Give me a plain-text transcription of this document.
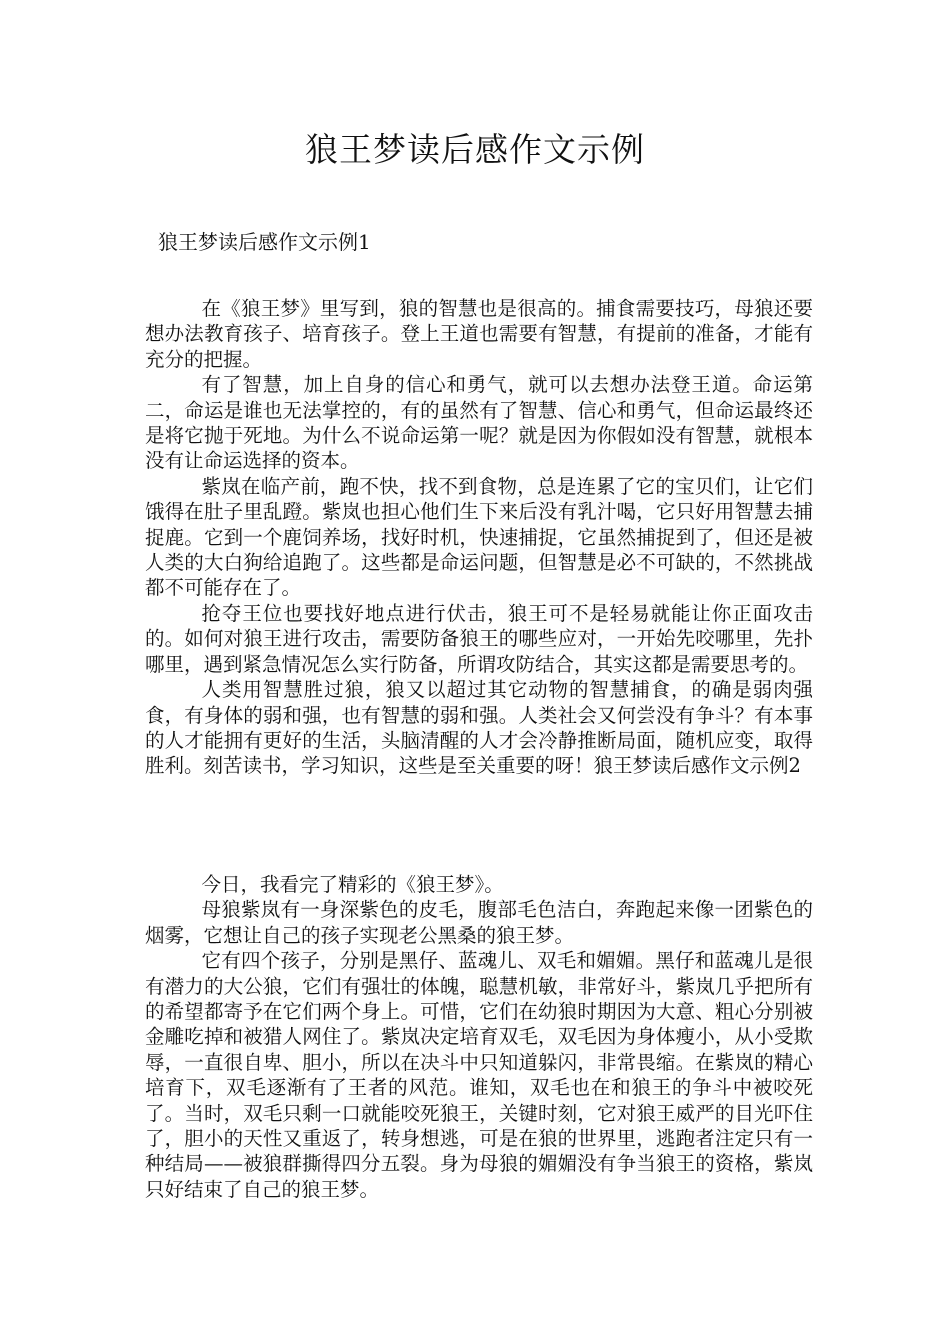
狼王梦读后感作文示例
狼王梦读后感作文示例1

在《狼王梦》里写到，狼的智慧也是很高的。捕食需要技巧，母狼还要想办法教育孩子、培育孩子。登上王道也需要有智慧，有提前的准备，才能有充分的把握。

有了智慧，加上自身的信心和勇气，就可以去想办法登王道。命运第二，命运是谁也无法掌控的，有的虽然有了智慧、信心和勇气，但命运最终还是将它抛于死地。为什么不说命运第一呢？就是因为你假如没有智慧，就根本没有让命运选择的资本。

紫岚在临产前，跑不快，找不到食物，总是连累了它的宝贝们，让它们饿得在肚子里乱蹬。紫岚也担心他们生下来后没有乳汁喝，它只好用智慧去捕捉鹿。它到一个鹿饲养场，找好时机，快速捕捉，它虽然捕捉到了，但还是被人类的大白狗给追跑了。这些都是命运问题，但智慧是必不可缺的，不然挑战都不可能存在了。

抢夺王位也要找好地点进行伏击，狼王可不是轻易就能让你正面攻击的。如何对狼王进行攻击，需要防备狼王的哪些应对，一开始先咬哪里，先扑哪里，遇到紧急情况怎么实行防备，所谓攻防结合，其实这都是需要思考的。

人类用智慧胜过狼，狼又以超过其它动物的智慧捕食，的确是弱肉强食，有身体的弱和强，也有智慧的弱和强。人类社会又何尝没有争斗？有本事的人才能拥有更好的生活，头脑清醒的人才会冷静推断局面，随机应变，取得胜利。刻苦读书，学习知识，这些是至关重要的呀！狼王梦读后感作文示例2

今日，我看完了精彩的《狼王梦》。

母狼紫岚有一身深紫色的皮毛，腹部毛色洁白，奔跑起来像一团紫色的烟雾，它想让自己的孩子实现老公黑桑的狼王梦。

它有四个孩子，分别是黑仔、蓝魂儿、双毛和媚媚。黑仔和蓝魂儿是很有潜力的大公狼，它们有强壮的体魄，聪慧机敏，非常好斗，紫岚几乎把所有的希望都寄予在它们两个身上。可惜，它们在幼狼时期因为大意、粗心分别被金雕吃掉和被猎人网住了。紫岚决定培育双毛，双毛因为身体瘦小，从小受欺辱，一直很自卑、胆小，所以在决斗中只知道躲闪，非常畏缩。在紫岚的精心培育下，双毛逐渐有了王者的风范。谁知，双毛也在和狼王的争斗中被咬死了。当时，双毛只剩一口就能咬死狼王，关键时刻，它对狼王威严的目光吓住了，胆小的天性又重返了，转身想逃，可是在狼的世界里，逃跑者注定只有一种结局——被狼群撕得四分五裂。身为母狼的媚媚没有争当狼王的资格，紫岚只好结束了自己的狼王梦。
